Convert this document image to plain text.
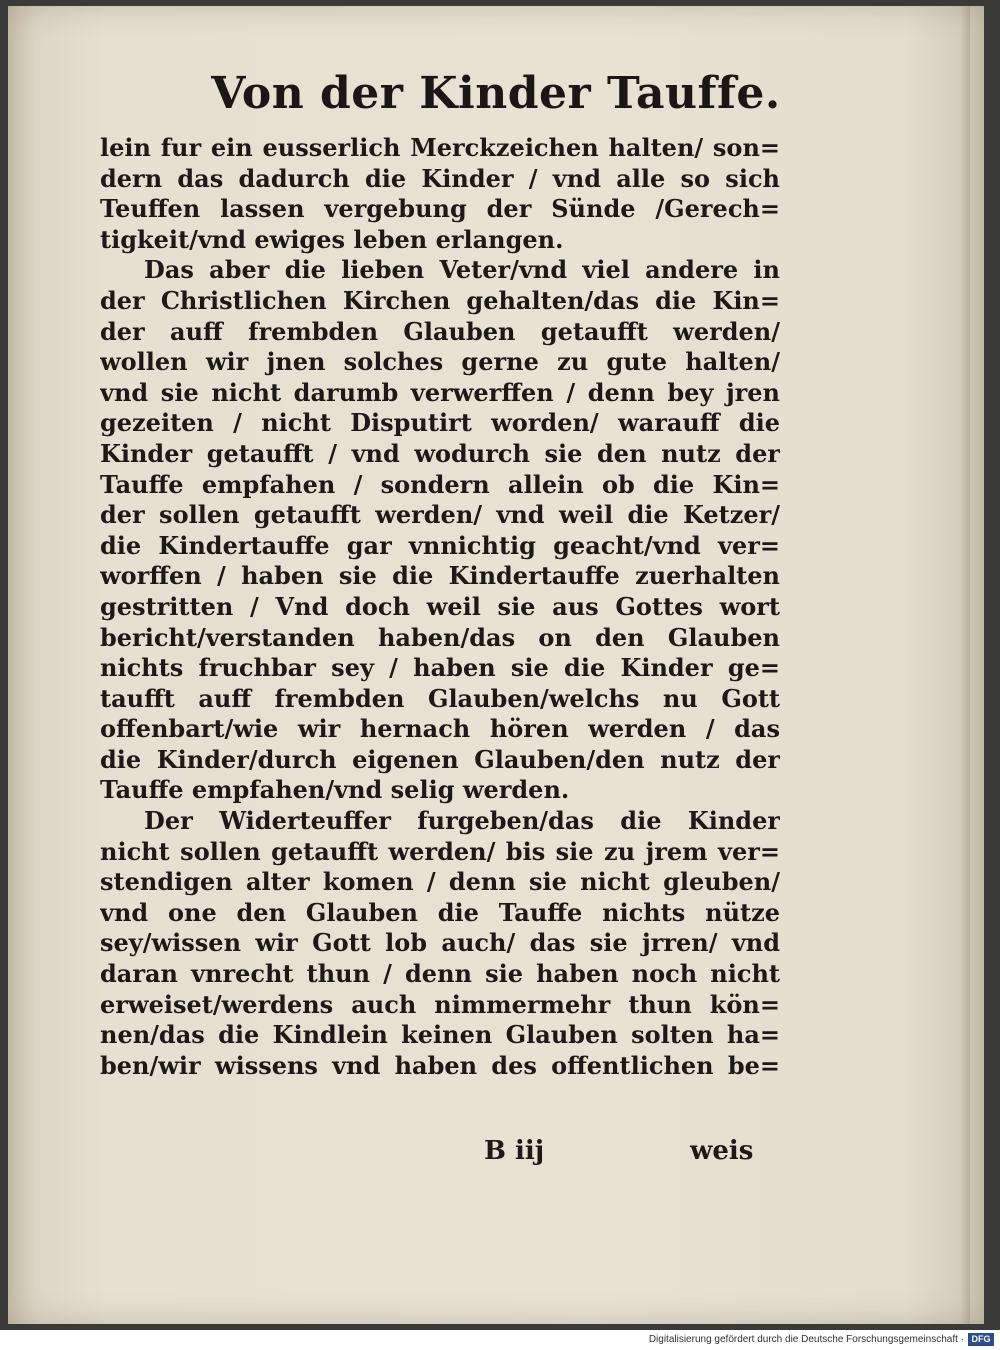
Von der Kinder Tauffe.
lein fur ein eusserlich Merckzeichen halten/ son=
dern das dadurch die Kinder / vnd alle so sich
Teuffen lassen vergebung der Sünde /Gerech=
tigkeit/vnd ewiges leben erlangen.
Das aber die lieben Veter/vnd viel andere in
der Christlichen Kirchen gehalten/das die Kin=
der auff frembden Glauben getaufft werden/
wollen wir jnen solches gerne zu gute halten/
vnd sie nicht darumb verwerffen / denn bey jren
gezeiten / nicht Disputirt worden/ warauff die
Kinder getaufft / vnd wodurch sie den nutz der
Tauffe empfahen / sondern allein ob die Kin=
der sollen getaufft werden/ vnd weil die Ketzer/
die Kindertauffe gar vnnichtig geacht/vnd ver=
worffen / haben sie die Kindertauffe zuerhalten
gestritten / Vnd doch weil sie aus Gottes wort
bericht/verstanden haben/das on den Glauben
nichts fruchbar sey / haben sie die Kinder ge=
taufft auff frembden Glauben/welchs nu Gott
offenbart/wie wir hernach hören werden / das
die Kinder/durch eigenen Glauben/den nutz der
Tauffe empfahen/vnd selig werden.
Der Widerteuffer furgeben/das die Kinder
nicht sollen getaufft werden/ bis sie zu jrem ver=
stendigen alter komen / denn sie nicht gleuben/
vnd one den Glauben die Tauffe nichts nütze
sey/wissen wir Gott lob auch/ das sie jrren/ vnd
daran vnrecht thun / denn sie haben noch nicht
erweiset/werdens auch nimmermehr thun kön=
nen/das die Kindlein keinen Glauben solten ha=
ben/wir wissens vnd haben des offentlichen be=
B iij	weis
Digitalisierung gefördert durch die Deutsche Forschungsgemeinschaft · DFG
